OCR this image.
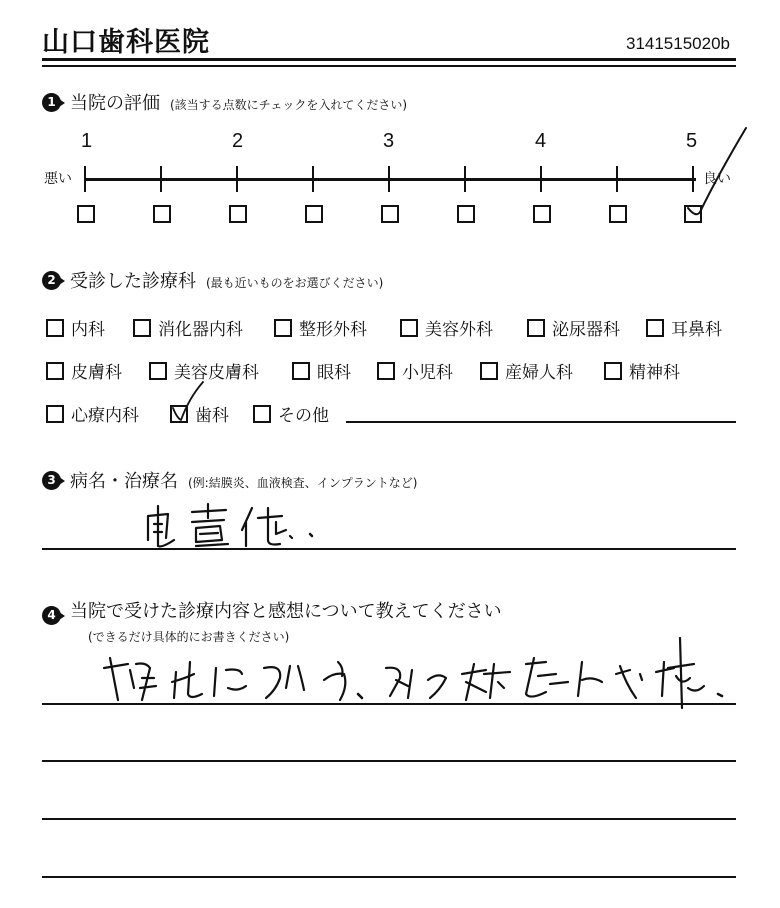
山口歯科医院	3141515020b
1 当院の評価 (該当する点数にチェックを入れてください)
1	2	3	4	5
悪い	良い
2 受診した診療科 (最も近いものをお選びください)
内科	消化器内科	整形外科	美容外科	泌尿器科	耳鼻科
皮膚科	美容皮膚科	眼科	小児科	産婦人科	精神科
心療内科	歯科	その他
3 病名・治療名 (例:結膜炎、血液検査、インプラントなど)
4 当院で受けた診療内容と感想について教えてください
(できるだけ具体的にお書きください)
